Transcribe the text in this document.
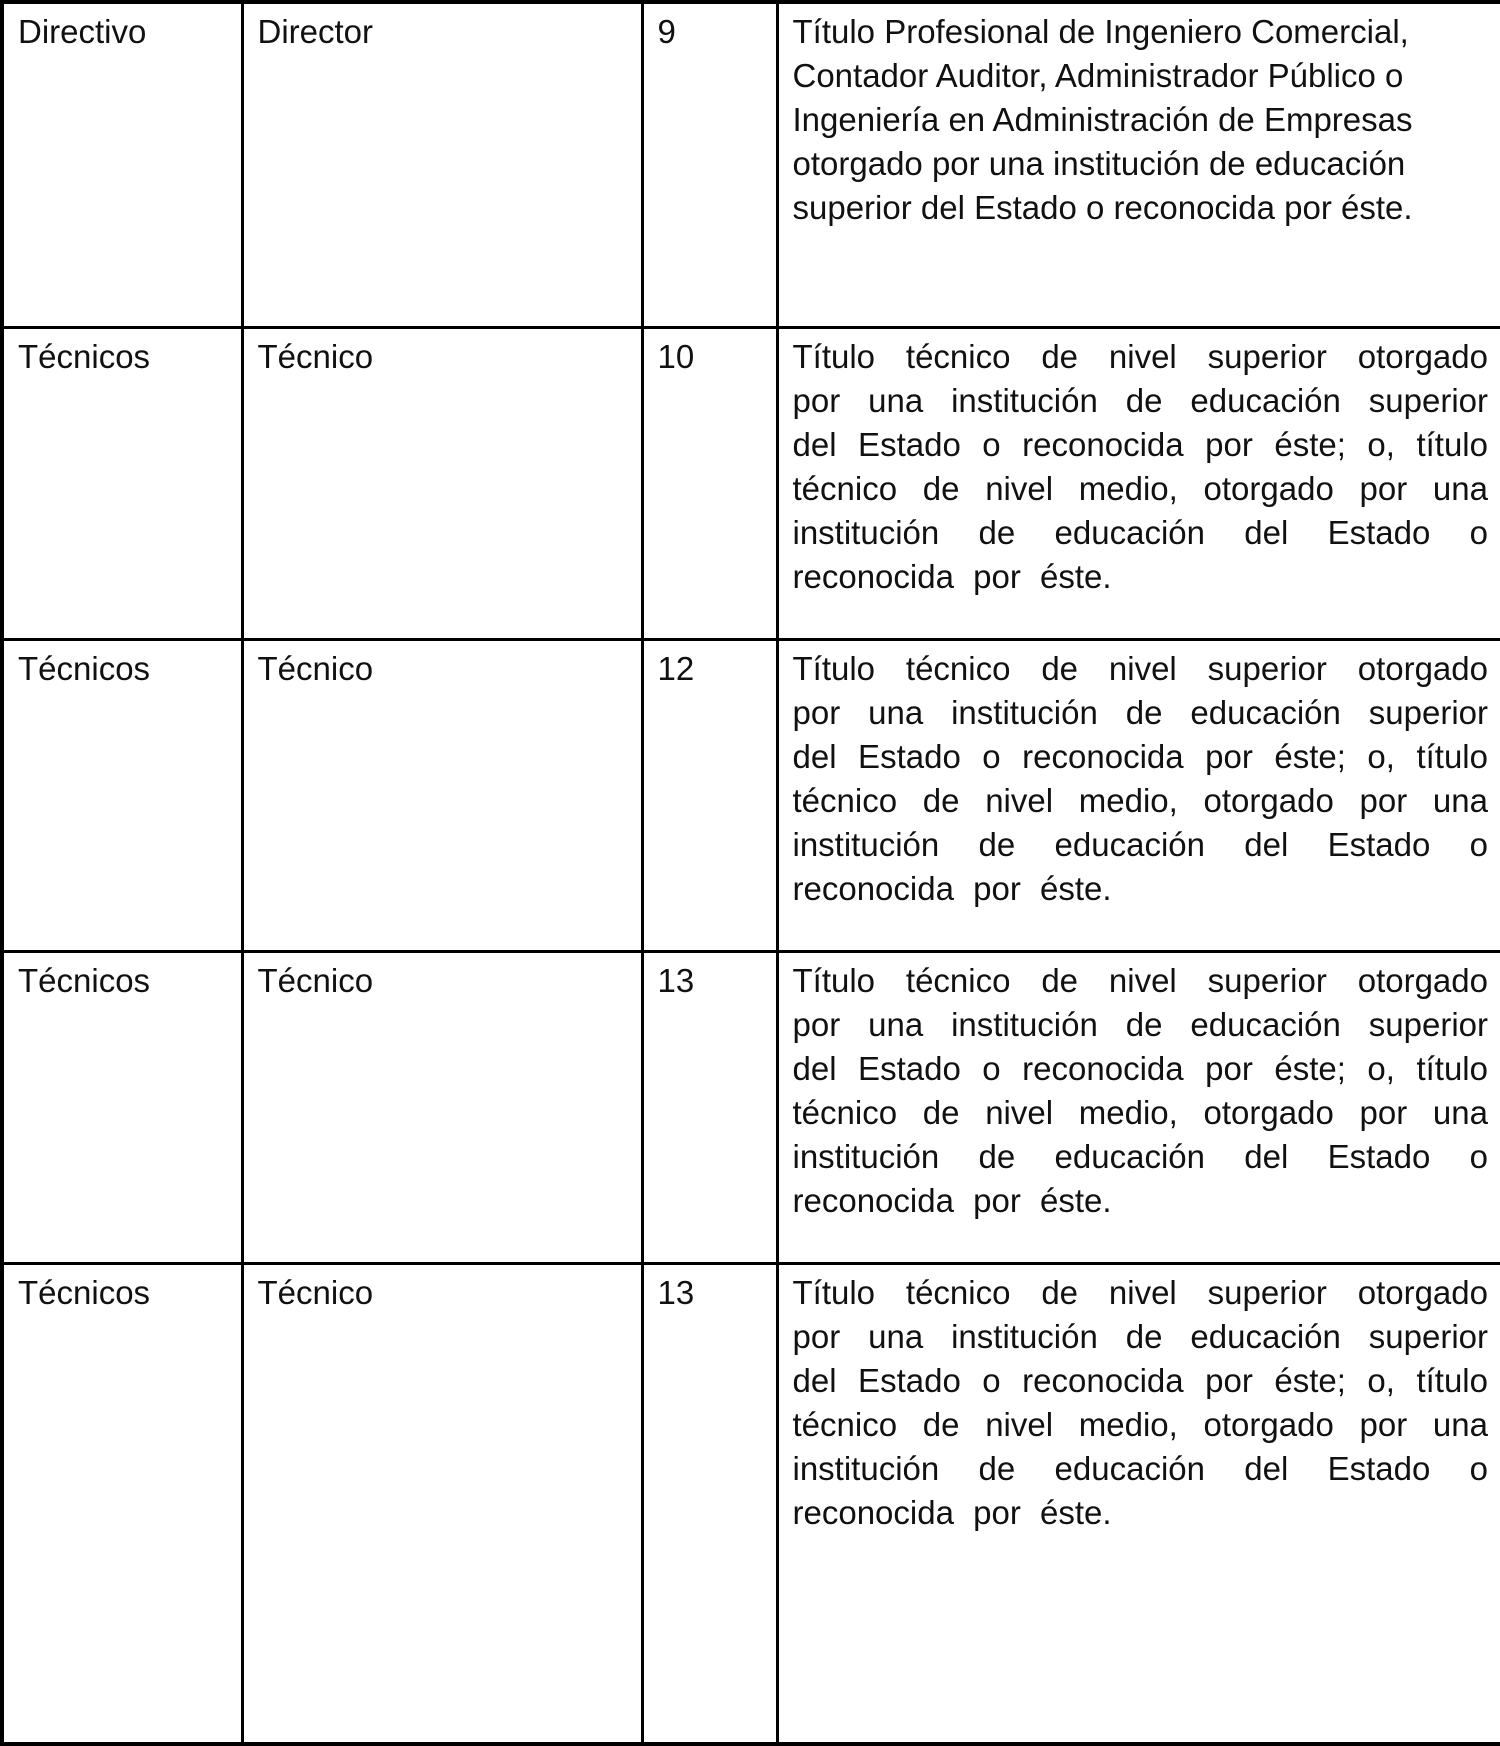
Directivo	Director	9	Título Profesional de Ingeniero Comercial, Contador Auditor, Administrador Público o Ingeniería en Administración de Empresas otorgado por una institución de educación superior del Estado o reconocida por éste.
Técnicos	Técnico	10	Título técnico de nivel superior otorgado por una institución de educación superior del Estado o reconocida por éste; o, título técnico de nivel medio, otorgado por una institución de educación del Estado o reconocida por éste.
Técnicos	Técnico	12	Título técnico de nivel superior otorgado por una institución de educación superior del Estado o reconocida por éste; o, título técnico de nivel medio, otorgado por una institución de educación del Estado o reconocida por éste.
Técnicos	Técnico	13	Título técnico de nivel superior otorgado por una institución de educación superior del Estado o reconocida por éste; o, título técnico de nivel medio, otorgado por una institución de educación del Estado o reconocida por éste.
Técnicos	Técnico	13	Título técnico de nivel superior otorgado por una institución de educación superior del Estado o reconocida por éste; o, título técnico de nivel medio, otorgado por una institución de educación del Estado o reconocida por éste.
